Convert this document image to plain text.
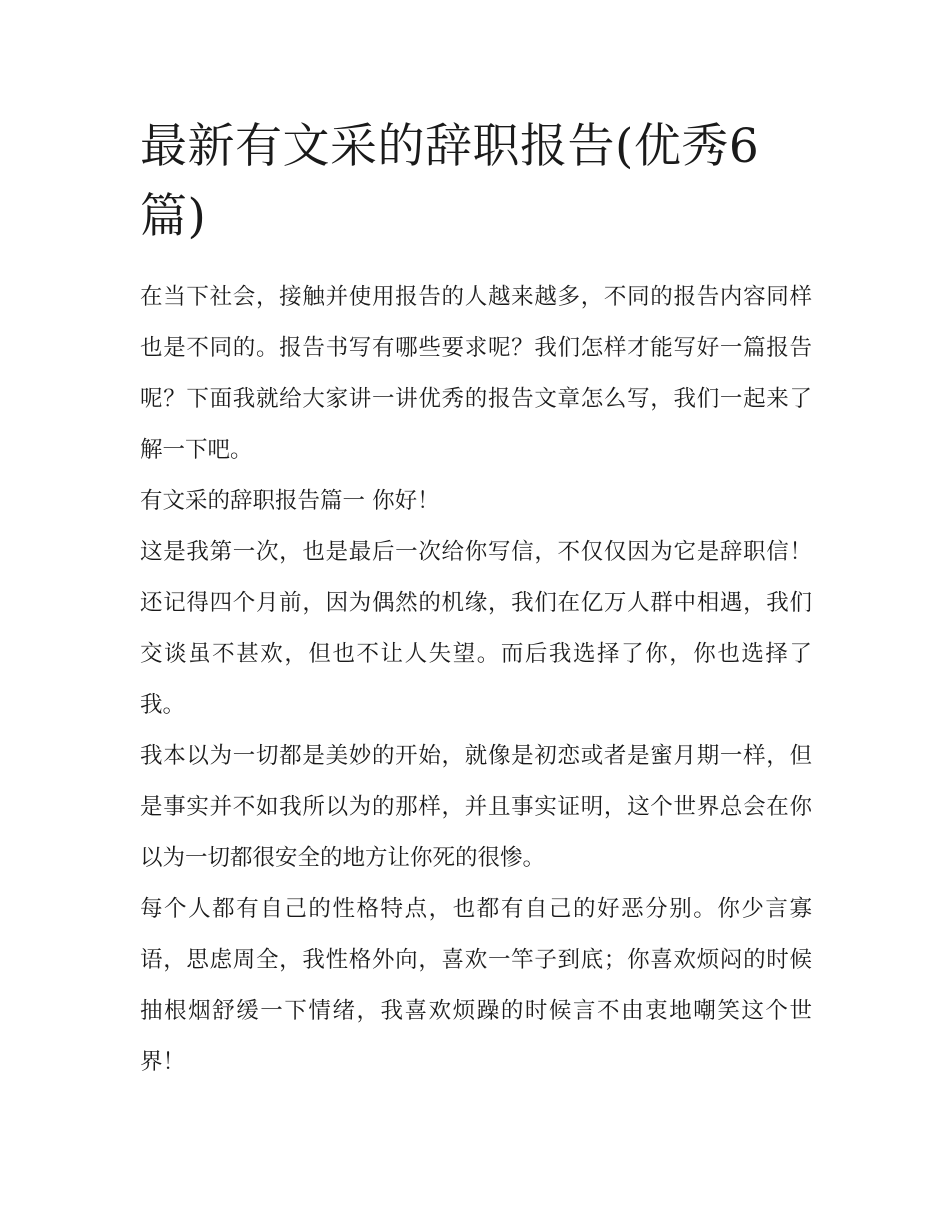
最新有文采的辞职报告(优秀6篇)

在当下社会，接触并使用报告的人越来越多，不同的报告内容同样也是不同的。报告书写有哪些要求呢？我们怎样才能写好一篇报告呢？下面我就给大家讲一讲优秀的报告文章怎么写，我们一起来了解一下吧。

有文采的辞职报告篇一 你好！

这是我第一次，也是最后一次给你写信，不仅仅因为它是辞职信！还记得四个月前，因为偶然的机缘，我们在亿万人群中相遇，我们交谈虽不甚欢，但也不让人失望。而后我选择了你，你也选择了我。

我本以为一切都是美妙的开始，就像是初恋或者是蜜月期一样，但是事实并不如我所以为的那样，并且事实证明，这个世界总会在你以为一切都很安全的地方让你死的很惨。

每个人都有自己的性格特点，也都有自己的好恶分别。你少言寡语，思虑周全，我性格外向，喜欢一竿子到底；你喜欢烦闷的时候抽根烟舒缓一下情绪，我喜欢烦躁的时候言不由衷地嘲笑这个世界！
